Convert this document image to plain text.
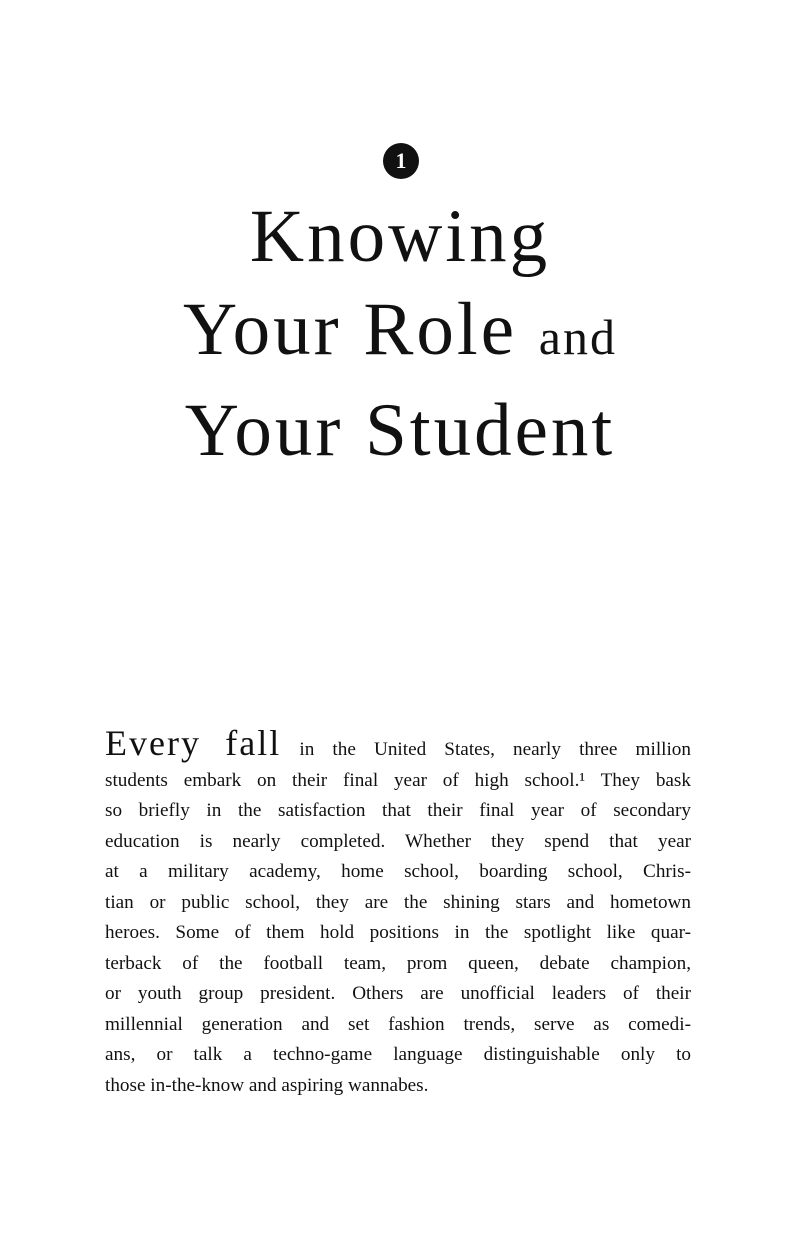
1
Knowing
Your Role and
Your Student

Every fall in the United States, nearly three million
students embark on their final year of high school.¹ They bask
so briefly in the satisfaction that their final year of secondary
education is nearly completed. Whether they spend that year
at a military academy, home school, boarding school, Chris-
tian or public school, they are the shining stars and hometown
heroes. Some of them hold positions in the spotlight like quar-
terback of the football team, prom queen, debate champion,
or youth group president. Others are unofficial leaders of their
millennial generation and set fashion trends, serve as comedi-
ans, or talk a techno-game language distinguishable only to
those in-the-know and aspiring wannabes.
